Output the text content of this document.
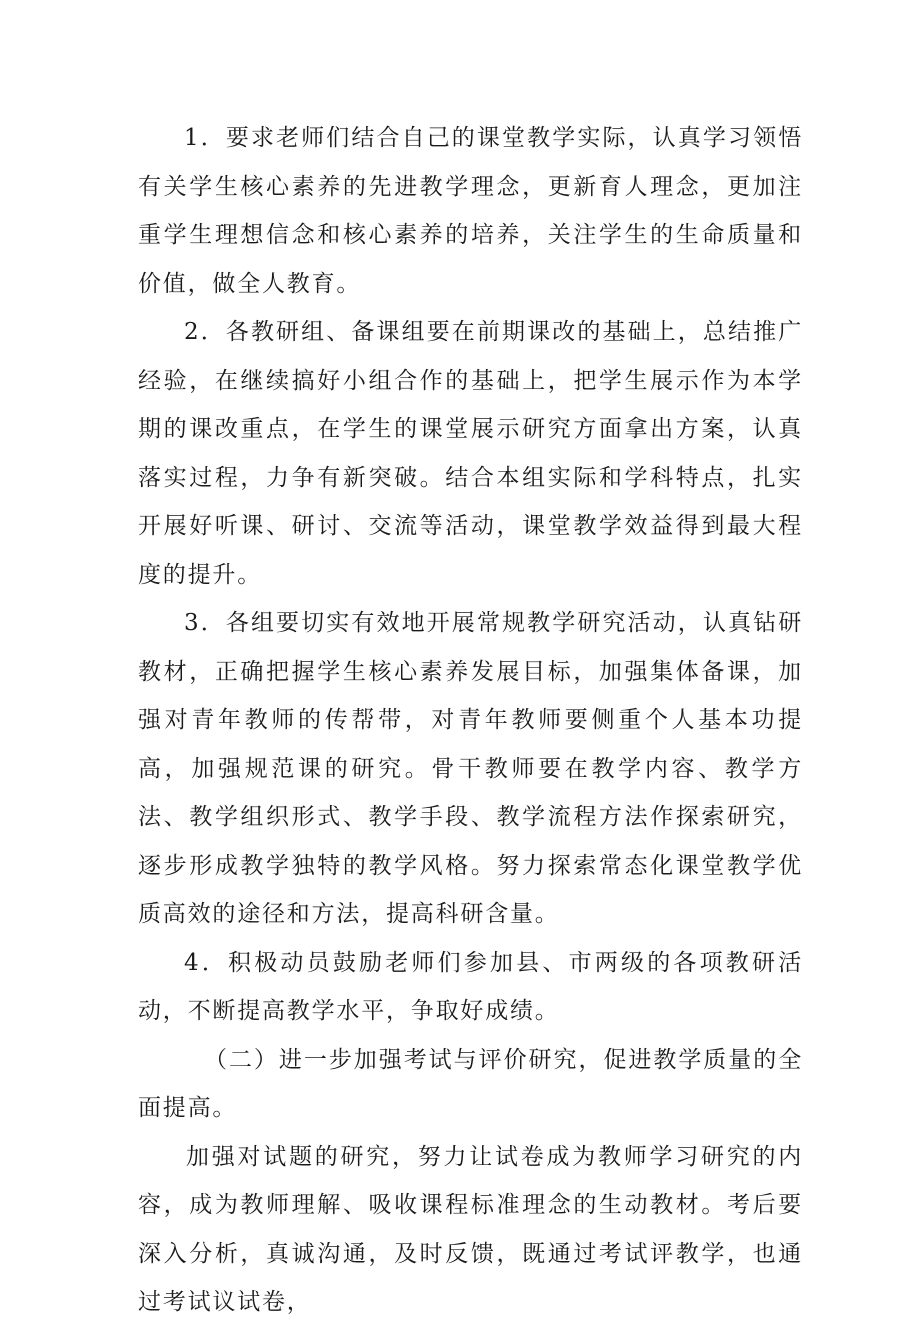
1．要求老师们结合自己的课堂教学实际，认真学习领悟有关学生核心素养的先进教学理念，更新育人理念，更加注重学生理想信念和核心素养的培养，关注学生的生命质量和价值，做全人教育。

2．各教研组、备课组要在前期课改的基础上，总结推广经验，在继续搞好小组合作的基础上，把学生展示作为本学期的课改重点，在学生的课堂展示研究方面拿出方案，认真落实过程，力争有新突破。结合本组实际和学科特点，扎实开展好听课、研讨、交流等活动，课堂教学效益得到最大程度的提升。

3．各组要切实有效地开展常规教学研究活动，认真钻研教材，正确把握学生核心素养发展目标，加强集体备课，加强对青年教师的传帮带，对青年教师要侧重个人基本功提高，加强规范课的研究。骨干教师要在教学内容、教学方法、教学组织形式、教学手段、教学流程方法作探索研究，逐步形成教学独特的教学风格。努力探索常态化课堂教学优质高效的途径和方法，提高科研含量。

4．积极动员鼓励老师们参加县、市两级的各项教研活动，不断提高教学水平，争取好成绩。

（二）进一步加强考试与评价研究，促进教学质量的全面提高。

加强对试题的研究，努力让试卷成为教师学习研究的内容，成为教师理解、吸收课程标准理念的生动教材。考后要深入分析，真诚沟通，及时反馈，既通过考试评教学，也通过考试议试卷，
